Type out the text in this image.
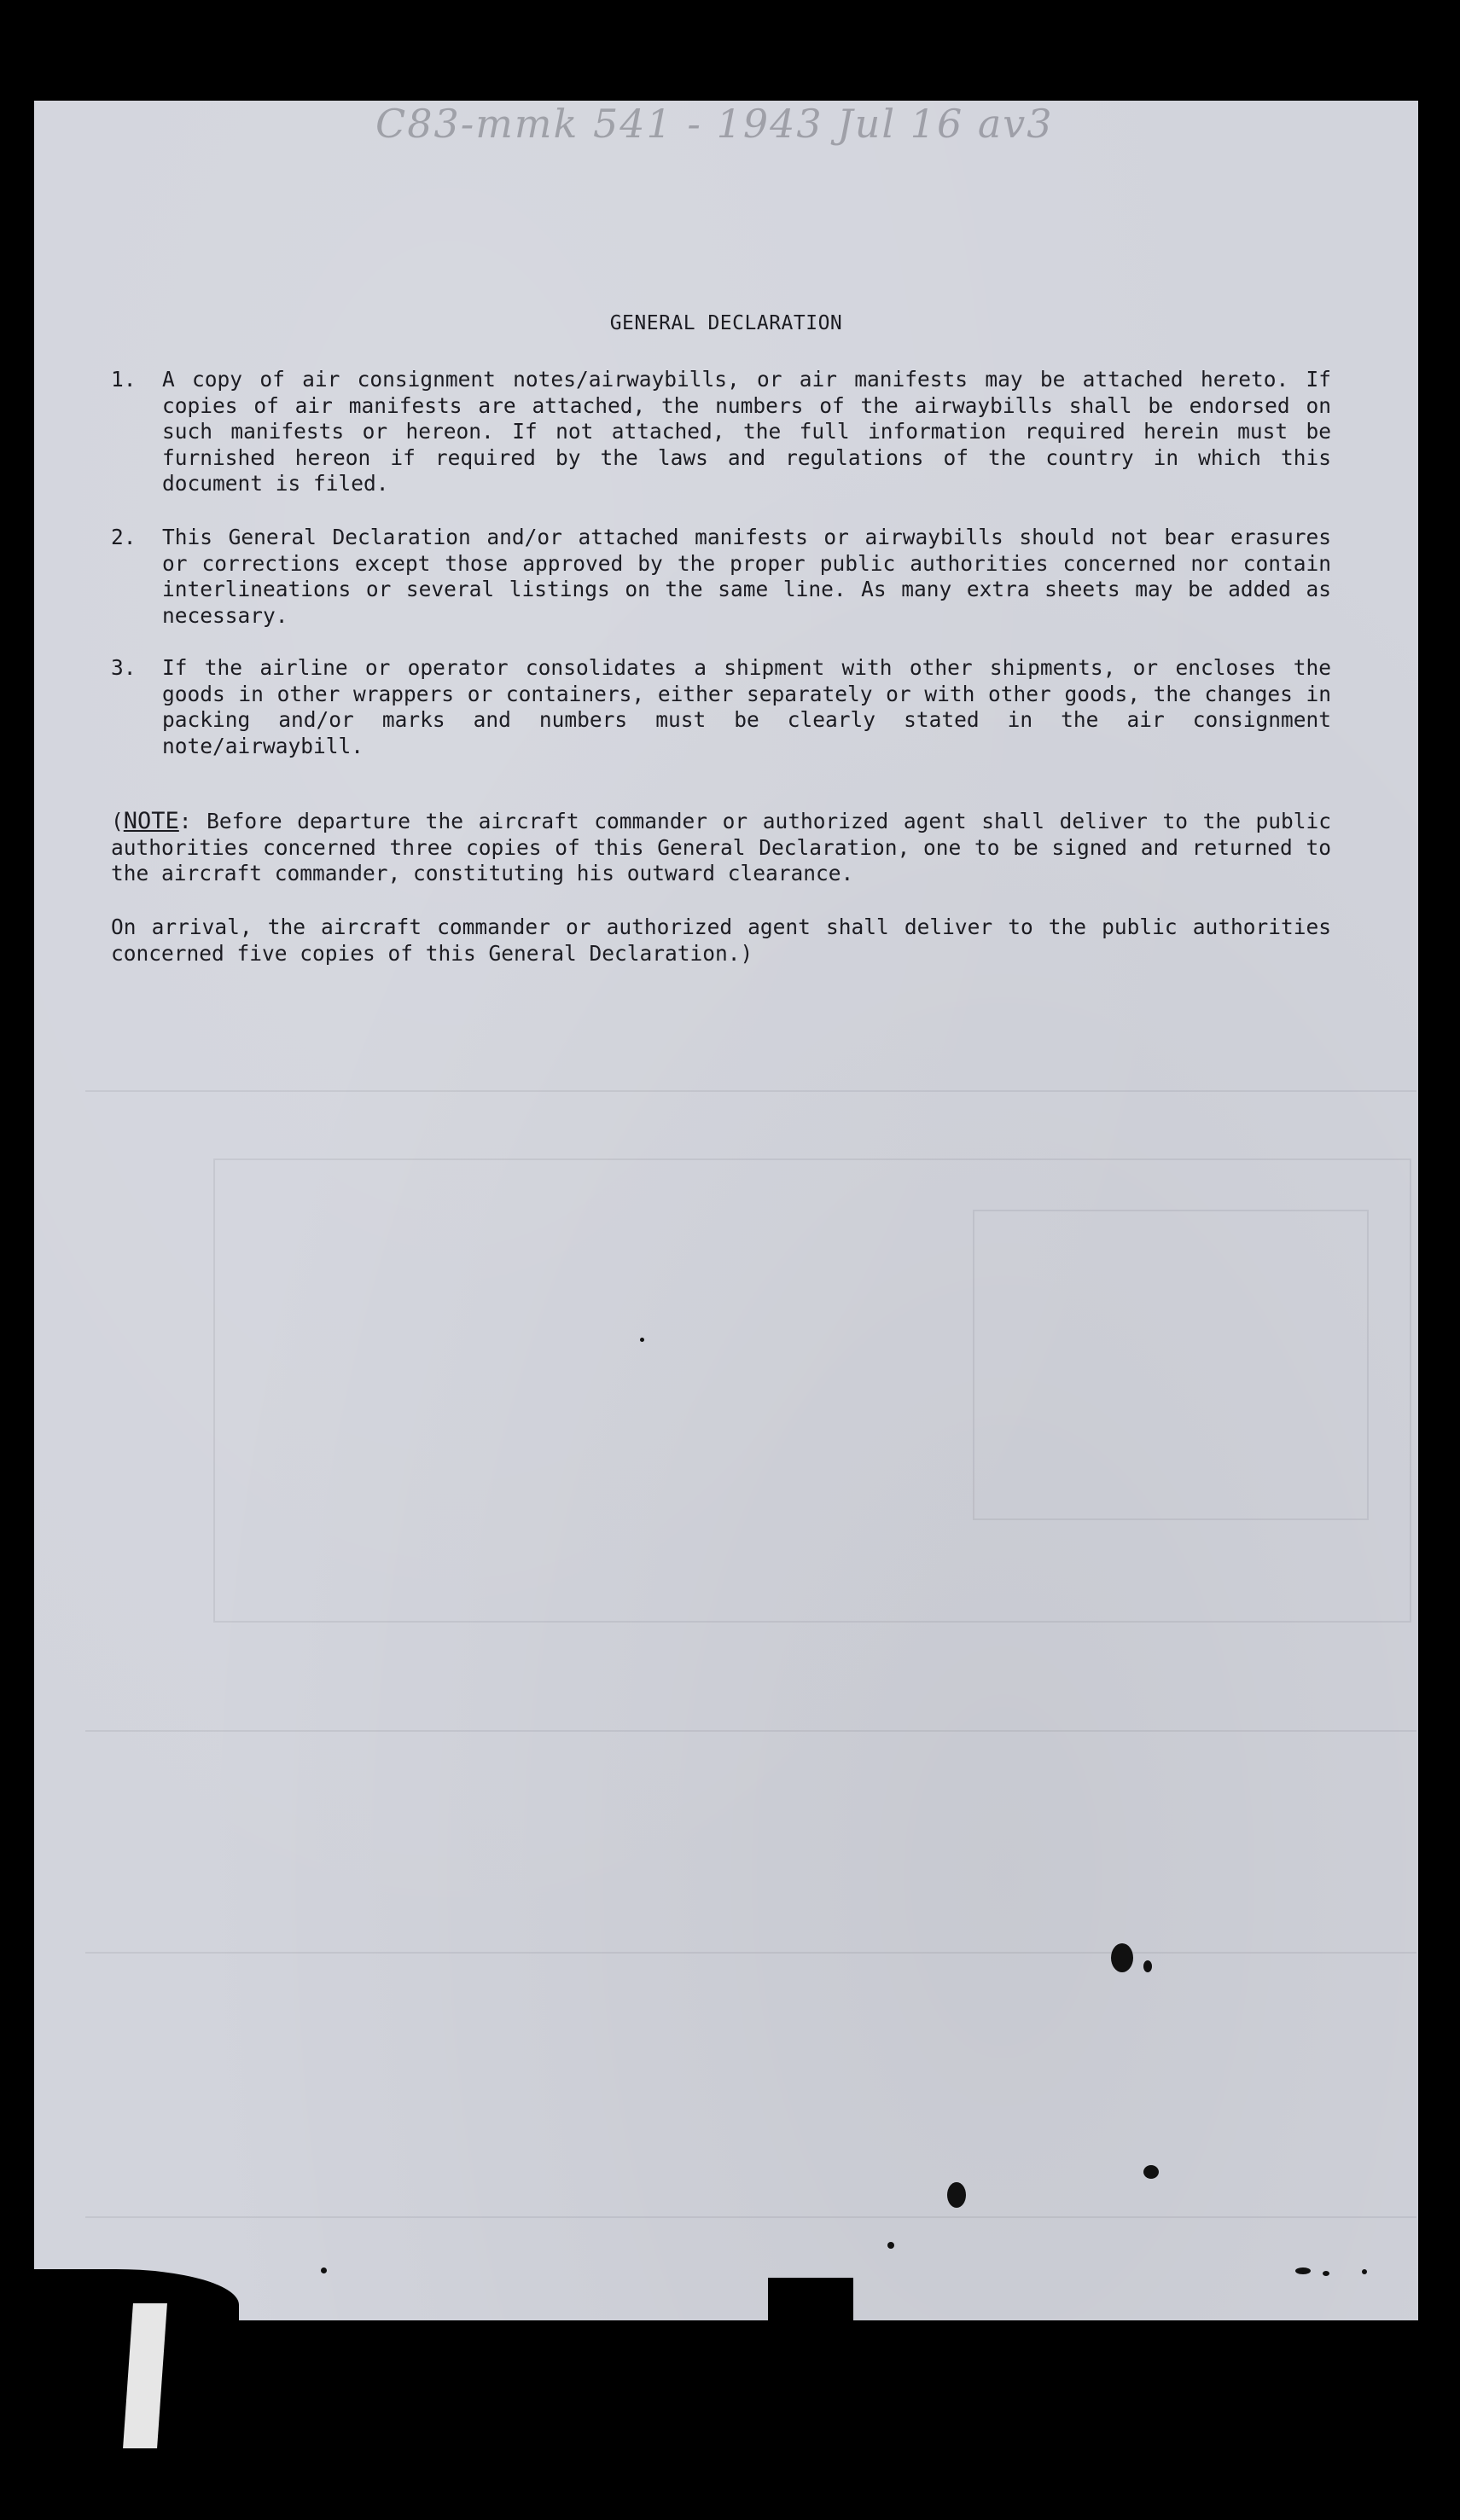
C83-mmk 541 - 1943 Jul 16 av3
GENERAL DECLARATION
1. A copy of air consignment notes/airwaybills, or air manifests may be attached hereto. If copies of air manifests are attached, the numbers of the airwaybills shall be endorsed on such manifests or hereon. If not attached, the full information required herein must be furnished hereon if required by the laws and regulations of the country in which this document is filed.
2. This General Declaration and/or attached manifests or airwaybills should not bear erasures or corrections except those approved by the proper public authorities concerned nor contain interlineations or several listings on the same line. As many extra sheets may be added as necessary.
3. If the airline or operator consolidates a shipment with other shipments, or encloses the goods in other wrappers or containers, either separately or with other goods, the changes in packing and/or marks and numbers must be clearly stated in the air consignment note/airwaybill.
(NOTE: Before departure the aircraft commander or authorized agent shall deliver to the public authorities concerned three copies of this General Declaration, one to be signed and returned to the aircraft commander, constituting his outward clearance.
On arrival, the aircraft commander or authorized agent shall deliver to the public authorities concerned five copies of this General Declaration.)
